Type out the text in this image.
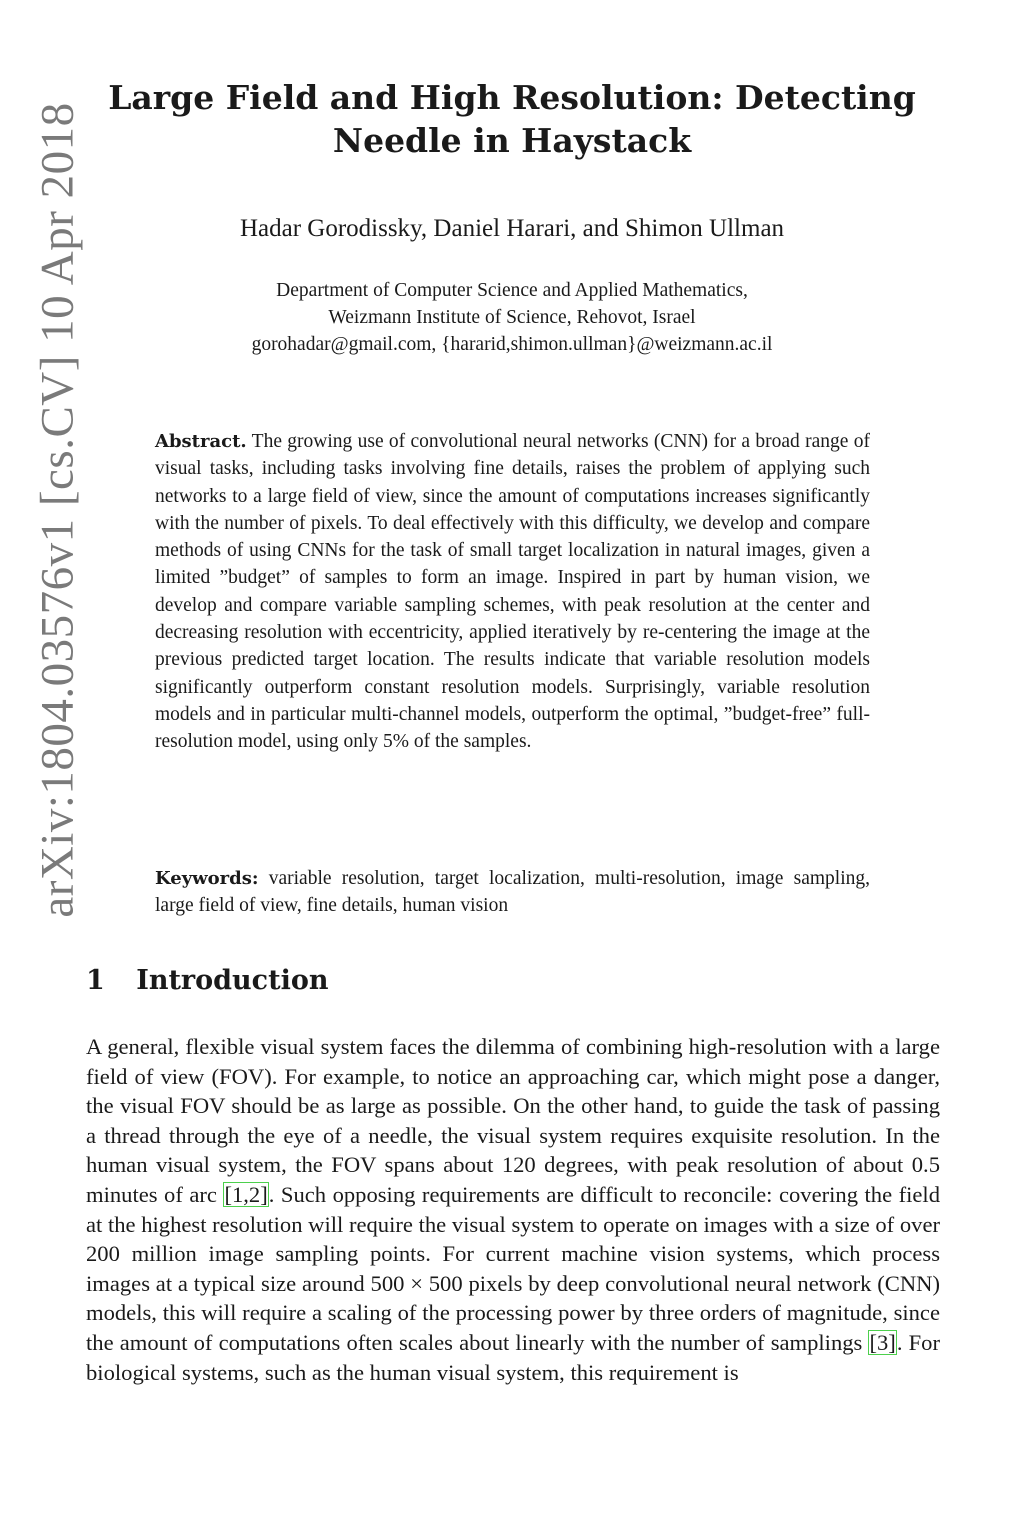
arXiv:1804.03576v1 [cs.CV] 10 Apr 2018
Large Field and High Resolution: Detecting
Needle in Haystack
Hadar Gorodissky, Daniel Harari, and Shimon Ullman
Department of Computer Science and Applied Mathematics,
Weizmann Institute of Science, Rehovot, Israel
gorohadar@gmail.com, {hararid,shimon.ullman}@weizmann.ac.il
Abstract. The growing use of convolutional neural networks (CNN) for a broad range of visual tasks, including tasks involving fine details, raises the problem of applying such networks to a large field of view, since the amount of computations increases significantly with the number of pixels. To deal effectively with this difficulty, we develop and compare methods of using CNNs for the task of small target localization in natural images, given a limited ”budget” of samples to form an image. Inspired in part by human vision, we develop and compare variable sampling schemes, with peak resolution at the center and decreasing resolution with eccentricity, applied iteratively by re-centering the image at the previous predicted target location. The results indicate that variable resolution models significantly outperform constant resolution models. Surprisingly, variable resolution models and in particular multi-channel models, outperform the optimal, ”budget-free” full-resolution model, using only 5% of the samples.
Keywords: variable resolution, target localization, multi-resolution, image sampling, large field of view, fine details, human vision
1 Introduction
A general, flexible visual system faces the dilemma of combining high-resolution with a large field of view (FOV). For example, to notice an approaching car, which might pose a danger, the visual FOV should be as large as possible. On the other hand, to guide the task of passing a thread through the eye of a needle, the visual system requires exquisite resolution. In the human visual system, the FOV spans about 120 degrees, with peak resolution of about 0.5 minutes of arc [1,2]. Such opposing requirements are difficult to reconcile: covering the field at the highest resolution will require the visual system to operate on images with a size of over 200 million image sampling points. For current machine vision systems, which process images at a typical size around 500 × 500 pixels by deep convolutional neural network (CNN) models, this will require a scaling of the processing power by three orders of magnitude, since the amount of computations often scales about linearly with the number of samplings [3]. For biological systems, such as the human visual system, this requirement is
